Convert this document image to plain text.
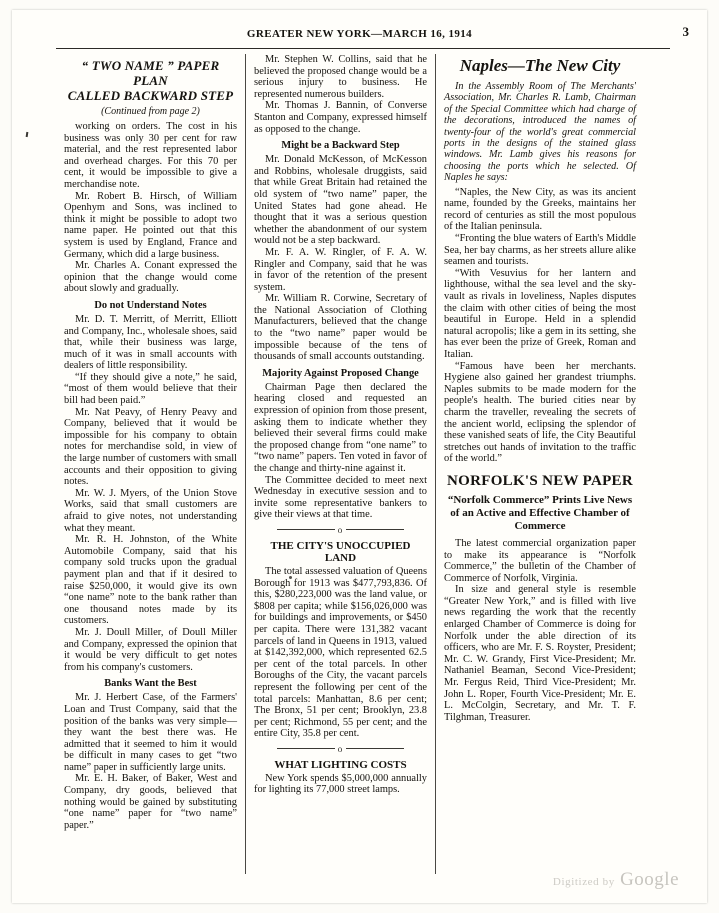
GREATER NEW YORK—MARCH 16, 1914	3
“ TWO NAME ” PAPER PLAN
CALLED BACKWARD STEP
(Continued from page 2)

working on orders. The cost in his business was only 30 per cent for raw material, and the rest represented labor and overhead charges. For this 70 per cent, it would be impossible to give a merchandise note.

Mr. Robert B. Hirsch, of William Openhym and Sons, was inclined to think it might be possible to adopt two name paper. He pointed out that this system is used by England, France and Germany, which did a large business.

Mr. Charles A. Conant expressed the opinion that the change would come about slowly and gradually.

Do not Understand Notes

Mr. D. T. Merritt, of Merritt, Elliott and Company, Inc., wholesale shoes, said that, while their business was large, much of it was in small accounts with dealers of little responsibility.

“If they should give a note,” he said, “most of them would believe that their bill had been paid.”

Mr. Nat Peavy, of Henry Peavy and Company, believed that it would be impossible for his company to obtain notes for merchandise sold, in view of the large number of customers with small accounts and their opposition to giving notes.

Mr. W. J. Myers, of the Union Stove Works, said that small customers are afraid to give notes, not understanding what they meant.

Mr. R. H. Johnston, of the White Automobile Company, said that his company sold trucks upon the gradual payment plan and that if it desired to raise $250,000, it would give its own “one name” note to the bank rather than one thousand notes made by its customers.

Mr. J. Doull Miller, of Doull Miller and Company, expressed the opinion that it would be very difficult to get notes from his company's customers.

Banks Want the Best

Mr. J. Herbert Case, of the Farmers' Loan and Trust Company, said that the position of the banks was very simple—they want the best there was. He admitted that it seemed to him it would be difficult in many cases to get “two name” paper in sufficiently large units.

Mr. E. H. Baker, of Baker, West and Company, dry goods, believed that nothing would be gained by substituting “one name” paper for “two name” paper.”

Mr. Stephen W. Collins, said that he believed the proposed change would be a serious injury to business. He represented numerous builders.

Mr. Thomas J. Bannin, of Converse Stanton and Company, expressed himself as opposed to the change.

Might be a Backward Step

Mr. Donald McKesson, of McKesson and Robbins, wholesale druggists, said that while Great Britain had retained the old system of “two name” paper, the United States had gone ahead. He thought that it was a serious question whether the abandonment of our system would not be a step backward.

Mr. F. A. W. Ringler, of F. A. W. Ringler and Company, said that he was in favor of the retention of the present system.

Mr. William R. Corwine, Secretary of the National Association of Clothing Manufacturers, believed that the change to the “two name” paper would be impossible because of the tens of thousands of small accounts outstanding.

Majority Against Proposed Change

Chairman Page then declared the hearing closed and requested an expression of opinion from those present, asking them to indicate whether they believed their several firms could make the proposed change from “one name” to “two name” papers. Ten voted in favor of the change and thirty-nine against it.

The Committee decided to meet next Wednesday in executive session and to invite some representative bankers to give their views at that time.

o
THE CITY'S UNOCCUPIED LAND

The total assessed valuation of Queens Borough for 1913 was $477,793,836. Of this, $280,223,000 was the land value, or $808 per capita; while $156,026,000 was for buildings and improvements, or $450 per capita. There were 131,382 vacant parcels of land in Queens in 1913, valued at $142,392,000, which represented 62.5 per cent of the total parcels. In other Boroughs of the City, the vacant parcels represent the following per cent of the total parcels: Manhattan, 8.6 per cent; The Bronx, 51 per cent; Brooklyn, 23.8 per cent; Richmond, 55 per cent; and the entire City, 35.8 per cent.

o
WHAT LIGHTING COSTS

New York spends $5,000,000 annually for lighting its 77,000 street lamps.

Naples—The New City
In the Assembly Room of The Merchants' Association, Mr. Charles R. Lamb, Chairman of the Special Committee which had charge of the decorations, introduced the names of twenty-four of the world's great commercial ports in the designs of the stained glass windows. Mr. Lamb gives his reasons for choosing the ports which he selected. Of Naples he says:

“Naples, the New City, as was its ancient name, founded by the Greeks, maintains her record of centuries as still the most populous of the Italian peninsula.

“Fronting the blue waters of Earth's Middle Sea, her bay charms, as her streets allure alike seamen and tourists.

“With Vesuvius for her lantern and lighthouse, withal the sea level and the sky-vault as rivals in loveliness, Naples disputes the claim with other cities of being the most beautiful in Europe. Held in a splendid natural acropolis; like a gem in its setting, she has ever been the prize of Greek, Roman and Italian.

“Famous have been her merchants. Hygiene also gained her grandest triumphs. Naples submits to be made modern for the people's health. The buried cities near by charm the traveller, revealing the secrets of the ancient world, eclipsing the splendor of these vanished seats of life, the City Beautiful stretches out hands of invitation to the traffic of the world.”

NORFOLK'S NEW PAPER
“Norfolk Commerce” Prints Live News of an Active and Effective Chamber of Commerce

The latest commercial organization paper to make its appearance is “Norfolk Commerce,” the bulletin of the Chamber of Commerce of Norfolk, Virginia.

In size and general style is resemble “Greater New York,” and is filled with live news regarding the work that the recently enlarged Chamber of Commerce is doing for Norfolk under the able direction of its officers, who are Mr. F. S. Royster, President; Mr. C. W. Grandy, First Vice-President; Mr. Nathaniel Beaman, Second Vice-President; Mr. Fergus Reid, Third Vice-President; Mr. John L. Roper, Fourth Vice-President; Mr. E. L. McColgin, Secretary, and Mr. T. F. Tilghman, Treasurer.

Digitized by Google
